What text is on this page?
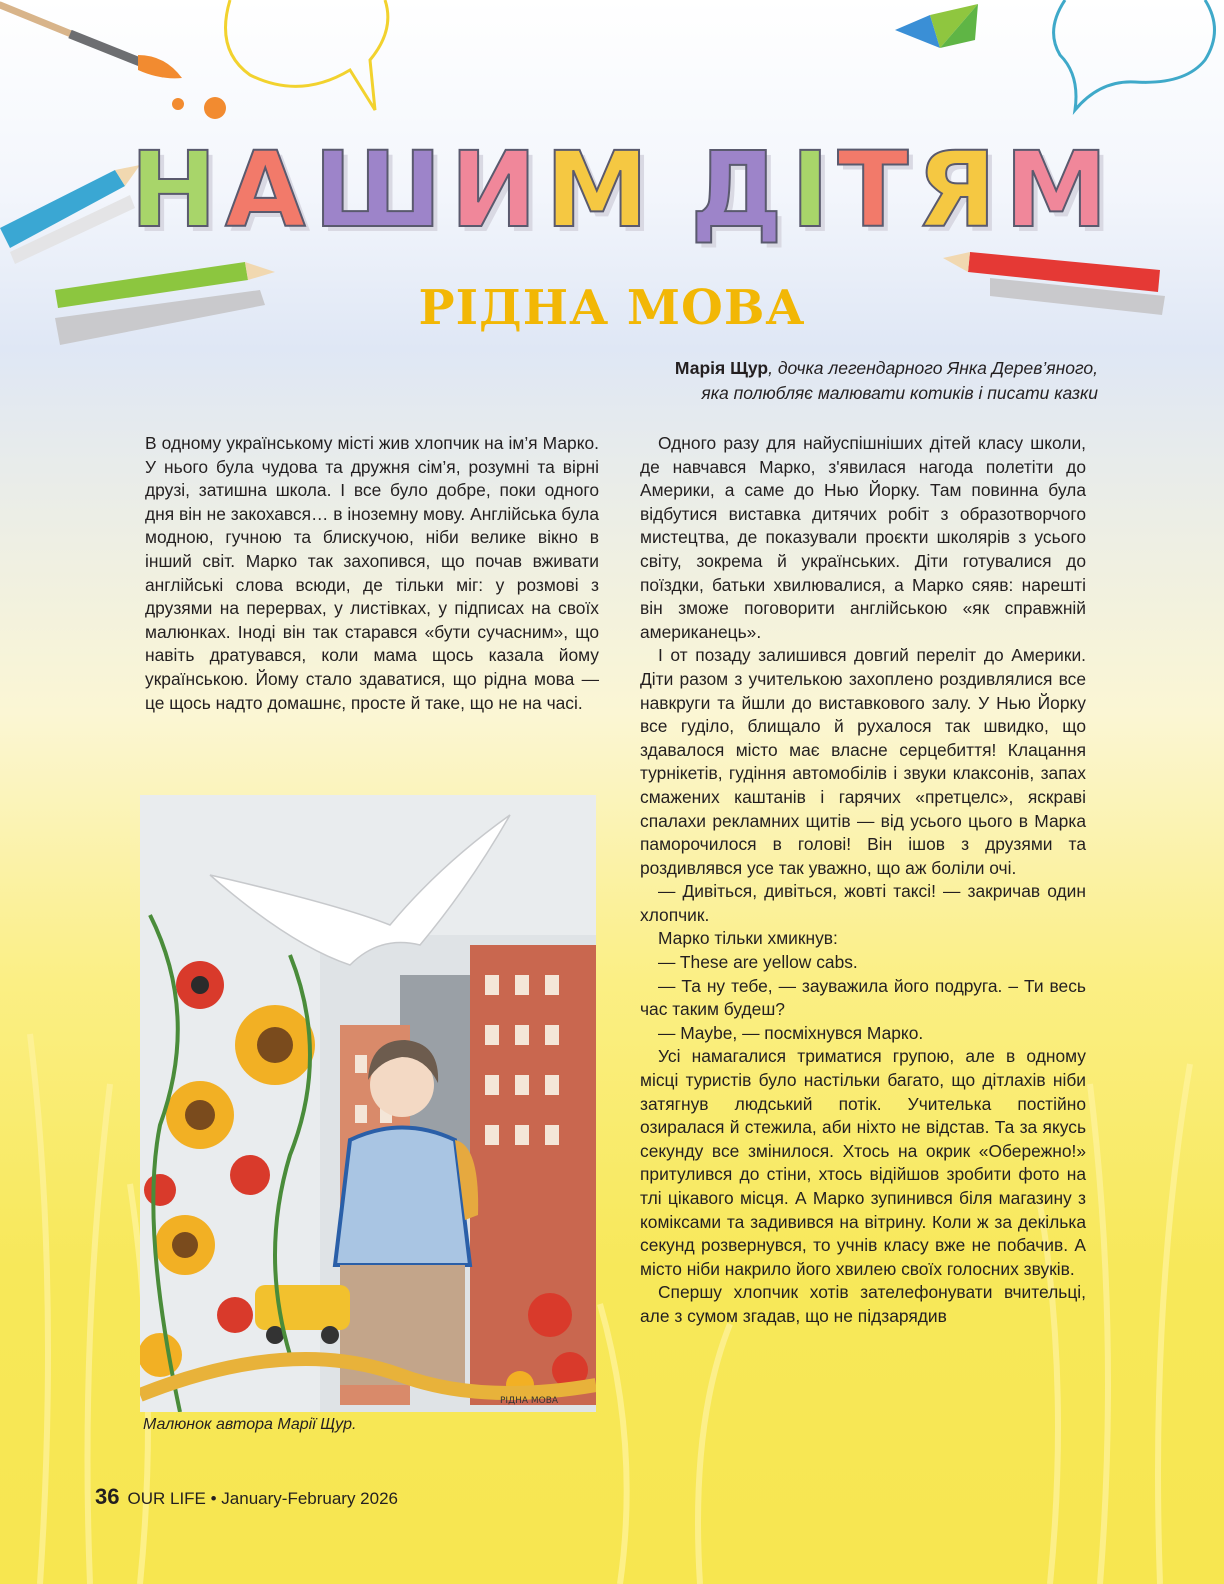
Н А Ш И М Д І Т Я М
РІДНА МОВА
Марія Щур, дочка легендарного Янка Дерев’яного,
яка полюбляє малювати котиків і писати казки

В одному українському місті жив хлопчик на ім’я Марко. У нього була чудова та дружня сім’я, розумні та вірні друзі, затишна школа. І все було добре, поки одного дня він не закохався… в іноземну мову. Англійська була модною, гучною та блискучою, ніби велике вікно в інший світ. Марко так захопився, що почав вживати англійські слова всюди, де тільки міг: у розмові з друзями на перервах, у листівках, у підписах на своїх малюнках. Іноді він так старався «бути сучасним», що навіть дратувався, коли мама щось казала йому українською. Йому стало здаватися, що рідна мова — це щось надто домашнє, просте й таке, що не на часі.

Одного разу для найуспішніших дітей класу школи, де навчався Марко, з'явилася нагода полетіти до Америки, а саме до Нью Йорку. Там повинна була відбутися виставка дитячих робіт з образотворчого мистецтва, де показували проєкти школярів з усього світу, зокрема й українських. Діти готувалися до поїздки, батьки хвилювалися, а Марко сяяв: нарешті він зможе поговорити англійською «як справжній американець».

І от позаду залишився довгий переліт до Америки. Діти разом з учителькою захоплено роздивлялися все навкруги та йшли до виставкового залу. У Нью Йорку все гуділо, блищало й рухалося так швидко, що здавалося місто має власне серцебиття! Клацання турнікетів, гудіння автомобілів і звуки клаксонів, запах смажених каштанів і гарячих «претцелс», яскраві спалахи рекламних щитів — від усього цього в Марка паморочилося в голові! Він ішов з друзями та роздивлявся усе так уважно, що аж боліли очі.

— Дивіться, дивіться, жовті таксі! — закричав один хлопчик.

Марко тільки хмикнув:

— These are yellow cabs.

— Та ну тебе, — зауважила його подруга. – Ти весь час таким будеш?

— Maybe, — посміхнувся Марко.

Усі намагалися триматися групою, але в одному місці туристів було настільки багато, що дітлахів ніби затягнув людський потік. Учителька постійно озиралася й стежила, аби ніхто не відстав. Та за якусь секунду все змінилося. Хтось на окрик «Обережно!» притулився до стіни, хтось відійшов зробити фото на тлі цікавого місця. А Марко зупинився біля магазину з коміксами та задивився на вітрину. Коли ж за декілька секунд розвернувся, то учнів класу вже не побачив. А місто ніби накрило його хвилею своїх голосних звуків.

Спершу хлопчик хотів зателефонувати вчительці, але з сумом згадав, що не підзарядив

РІДНА МОВА
Малюнок автора Марії Щур.
36 OUR LIFE • January-February 2026
